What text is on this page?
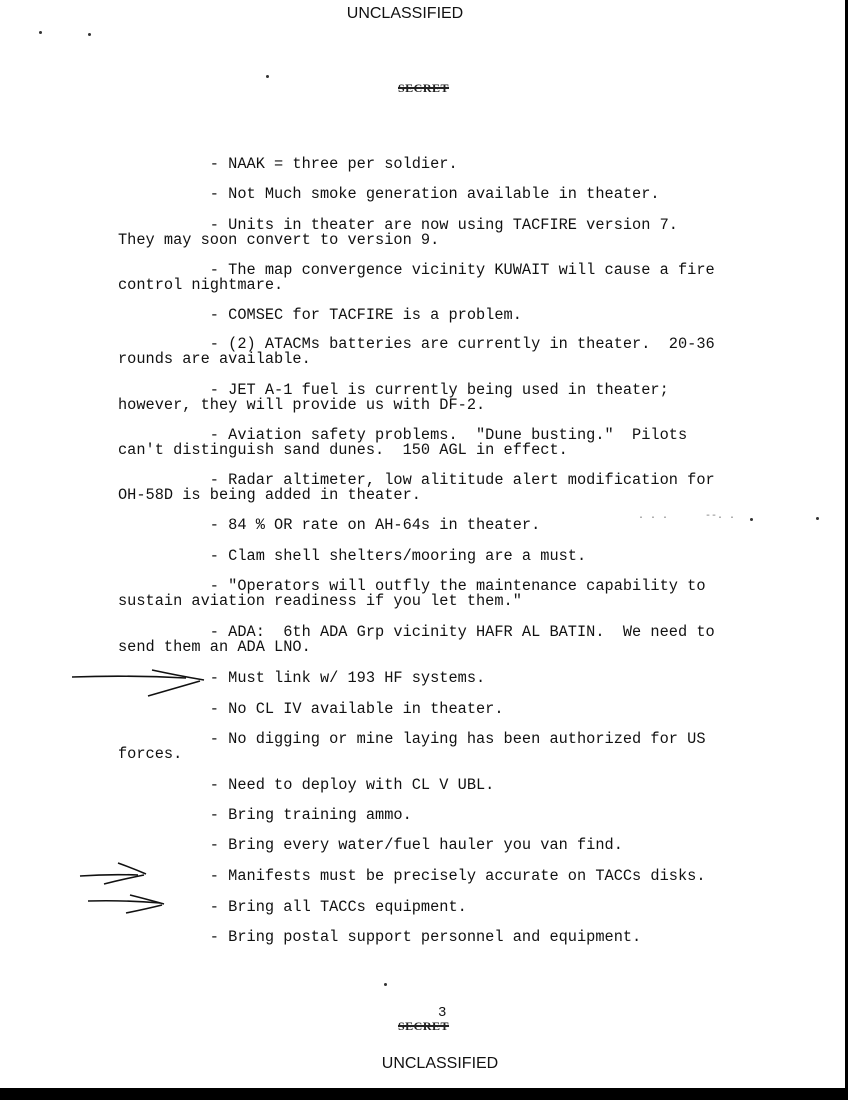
UNCLASSIFIED
SECRET
. . .	‐‐. .
- NAAK = three per soldier.
- Not Much smoke generation available in theater.
- Units in theater are now using TACFIRE version 7.
They may soon convert to version 9.
- The map convergence vicinity KUWAIT will cause a fire
control nightmare.
- COMSEC for TACFIRE is a problem.
- (2) ATACMs batteries are currently in theater.  20-36
rounds are available.
- JET A-1 fuel is currently being used in theater;
however, they will provide us with DF-2.
- Aviation safety problems.  "Dune busting."  Pilots
can't distinguish sand dunes.  150 AGL in effect.
- Radar altimeter, low alititude alert modification for
OH-58D is being added in theater.
- 84 % OR rate on AH-64s in theater.
- Clam shell shelters/mooring are a must.
- "Operators will outfly the maintenance capability to
sustain aviation readiness if you let them."
- ADA:  6th ADA Grp vicinity HAFR AL BATIN.  We need to
send them an ADA LNO.
- Must link w/ 193 HF systems.
- No CL IV available in theater.
- No digging or mine laying has been authorized for US
forces.
- Need to deploy with CL V UBL.
- Bring training ammo.
- Bring every water/fuel hauler you van find.
- Manifests must be precisely accurate on TACCs disks.
- Bring all TACCs equipment.
- Bring postal support personnel and equipment.
3
SECRET
UNCLASSIFIED
